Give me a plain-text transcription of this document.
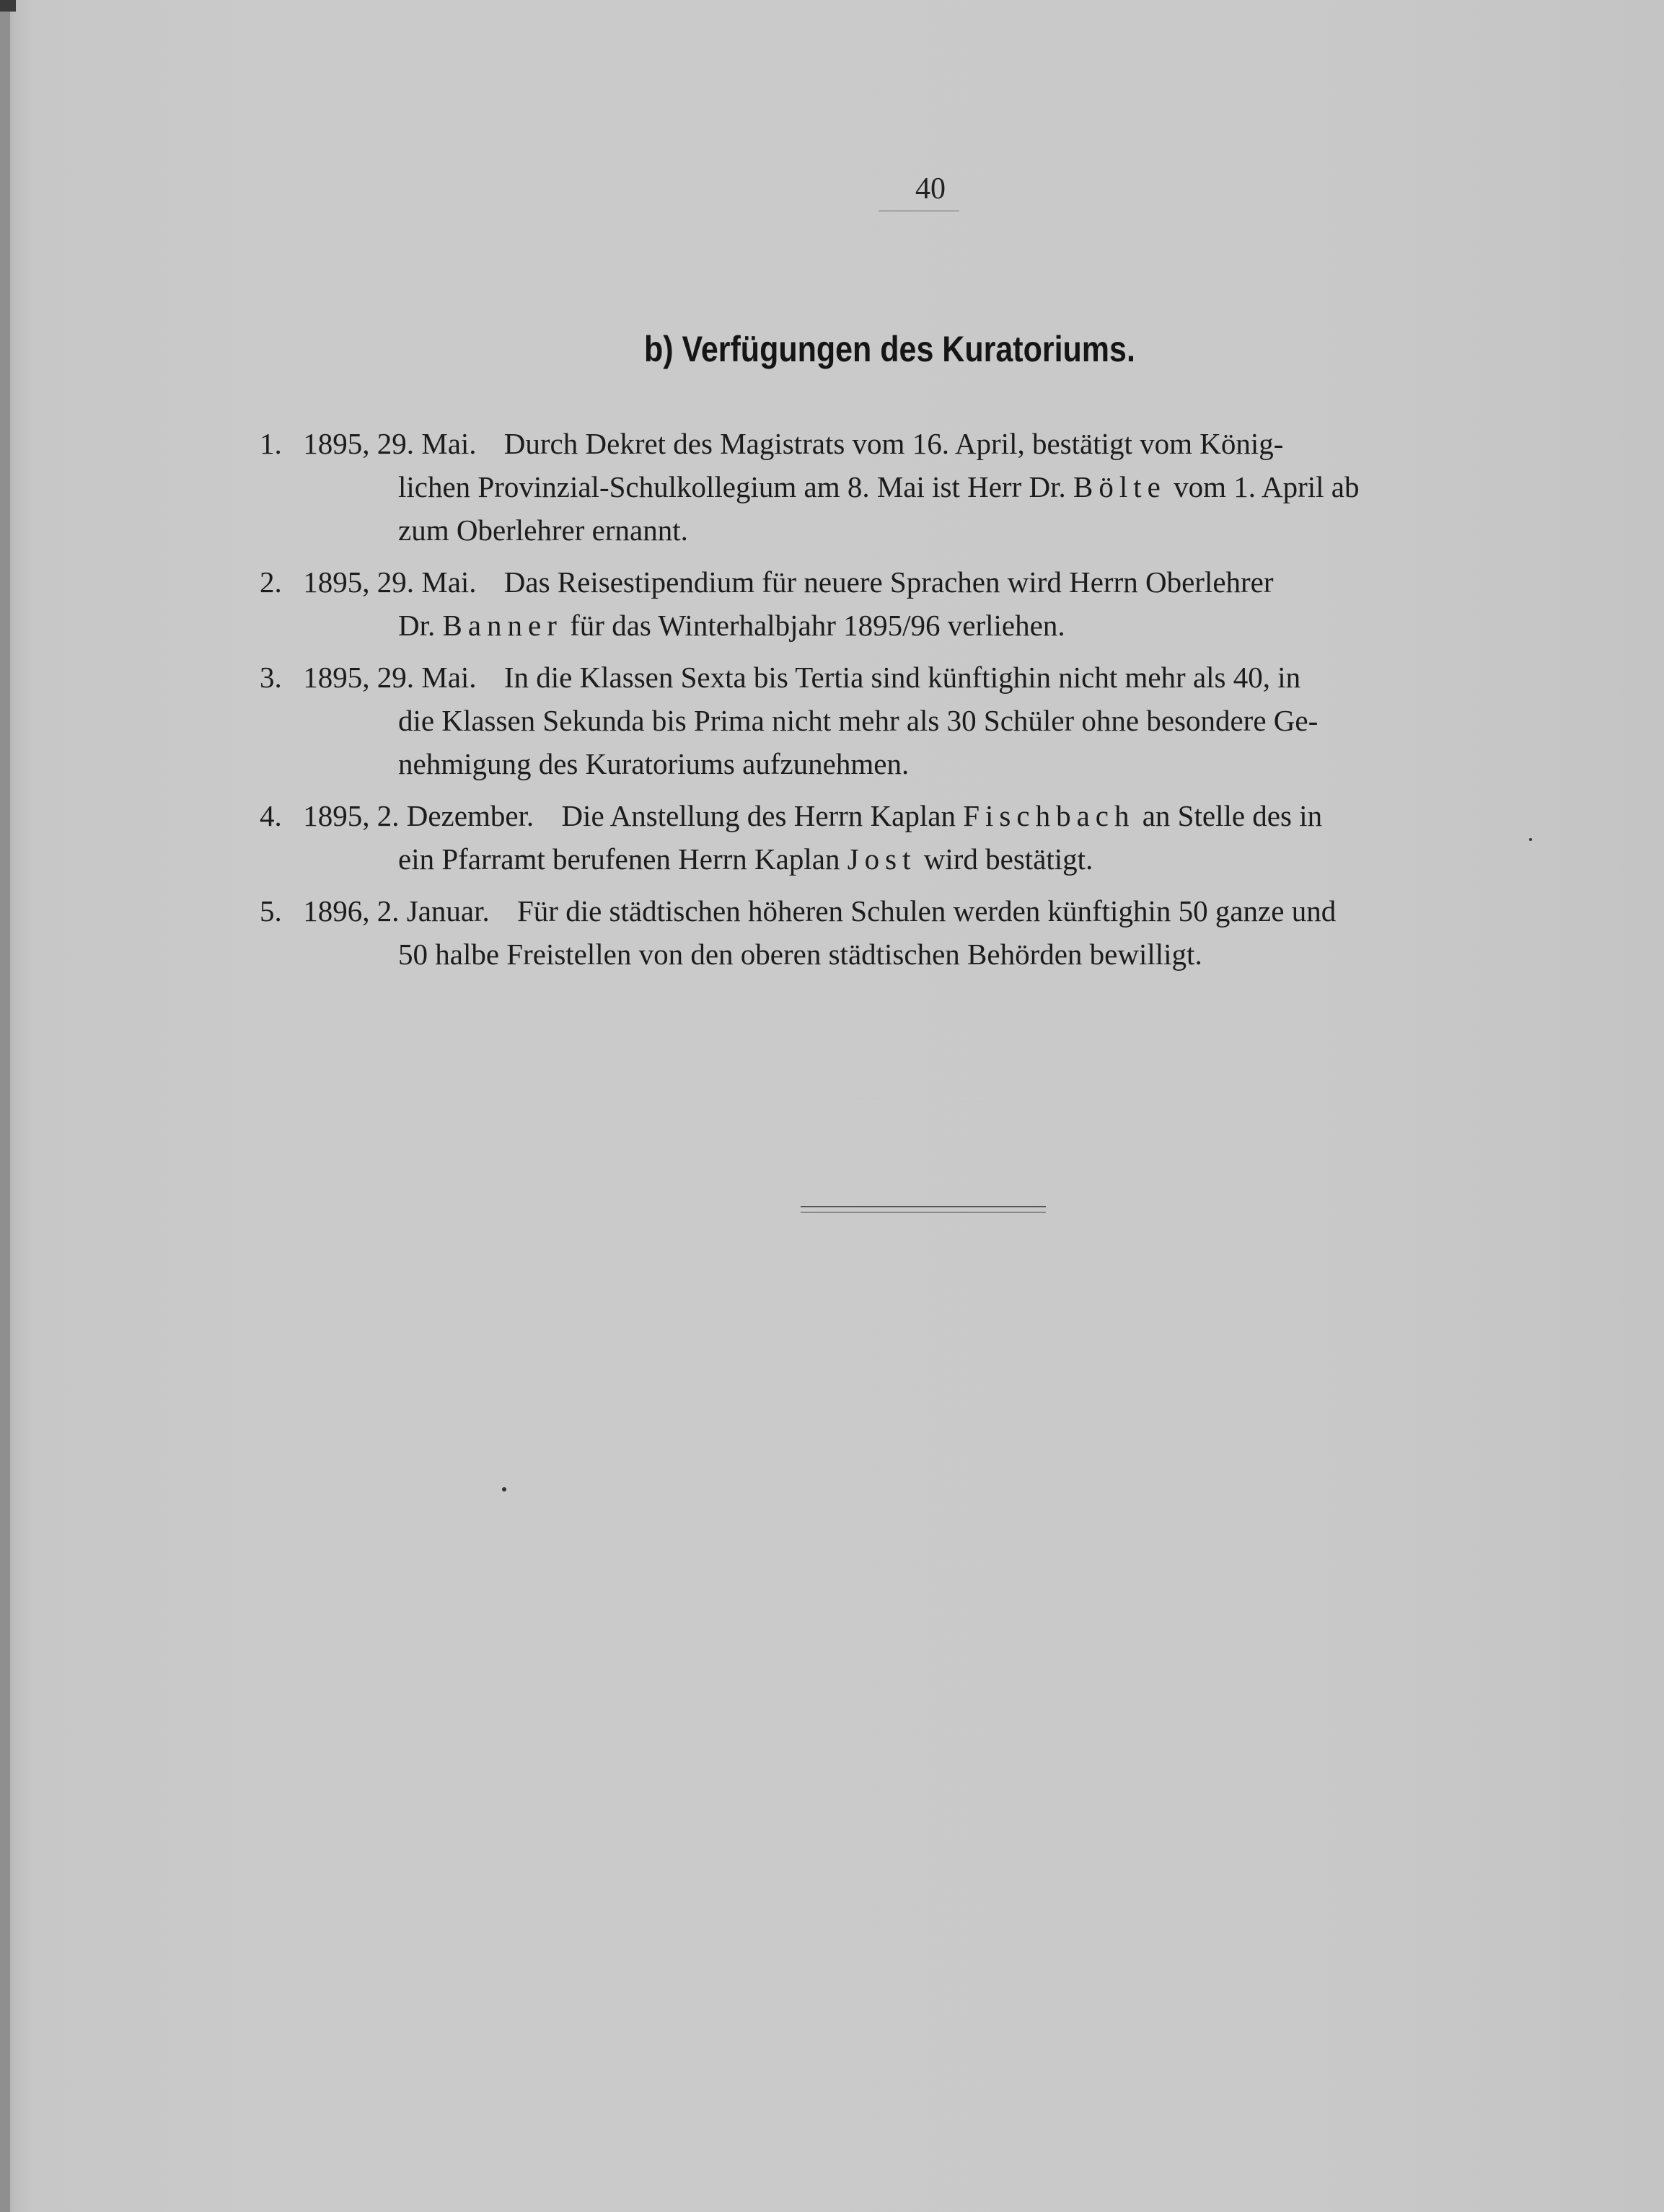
40
b) Verfügungen des Kuratoriums.
1. 1895, 29. Mai. Durch Dekret des Magistrats vom 16. April, bestätigt vom König-
lichen Provinzial-Schulkollegium am 8. Mai ist Herr Dr. Bölte vom 1. April ab
zum Oberlehrer ernannt.
2. 1895, 29. Mai. Das Reisestipendium für neuere Sprachen wird Herrn Oberlehrer
Dr. Banner für das Winterhalbjahr 1895/96 verliehen.
3. 1895, 29. Mai. In die Klassen Sexta bis Tertia sind künftighin nicht mehr als 40, in
die Klassen Sekunda bis Prima nicht mehr als 30 Schüler ohne besondere Ge-
nehmigung des Kuratoriums aufzunehmen.
4. 1895, 2. Dezember. Die Anstellung des Herrn Kaplan Fischbach an Stelle des in
ein Pfarramt berufenen Herrn Kaplan Jost wird bestätigt.
5. 1896, 2. Januar. Für die städtischen höheren Schulen werden künftighin 50 ganze und
50 halbe Freistellen von den oberen städtischen Behörden bewilligt.
